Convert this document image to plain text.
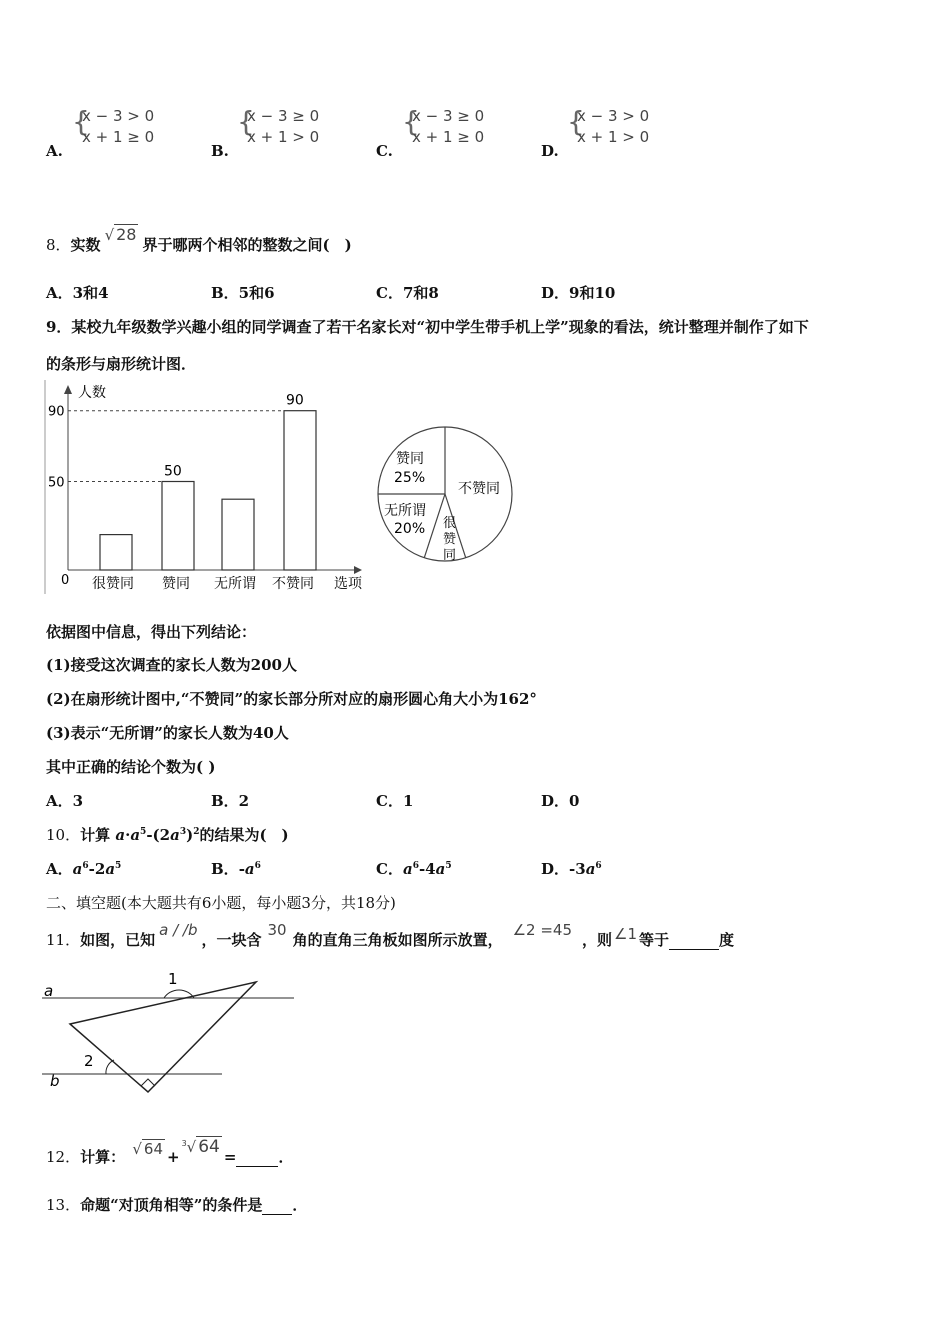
A.
{
x − 3 > 0
x + 1 ≥ 0
B.
{
x − 3 ≥ 0
x + 1 > 0
C.
{
x − 3 ≥ 0
x + 1 ≥ 0
D.
{
x − 3 > 0
x + 1 > 0
8．实数√ 28界于哪两个相邻的整数之间(　)
A．3和4	B．5和6	C．7和8	D．9和10
9．某校九年级数学兴趣小组的同学调查了若干名家长对“初中学生带手机上学”现象的看法，统计整理并制作了如下
的条形与扇形统计图．
人数
选项
0
50
90
很赞同 赞同 无所谓 不赞同
50
90
不赞同
赞同
25%
无所谓
20% 很赞同
依据图中信息，得出下列结论：
(1)接受这次调查的家长人数为200人
(2)在扇形统计图中,“不赞同”的家长部分所对应的扇形圆心角大小为162°
(3)表示“无所谓”的家长人数为40人
其中正确的结论个数为( )
A．3	B．2	C．1	D．0
10．计算 $a\cdot a^5-(2a^3)^2$的结果为(　)
A．$a^6-2a^5$	B．$-a^6$	C．$a^6-4a^5$	D．$-3a^6$
二、填空题(本大题共有6小题，每小题3分，共18分)
11．如图，已知a / /b，一块含30角的直角三角板如图所示放置，∠2 =45，则 ∠1 等于	度
a
b
1
2
12．计算： √ 64 +$^3$√ 64 =	．
13．命题“对顶角相等”的条件是 ．
